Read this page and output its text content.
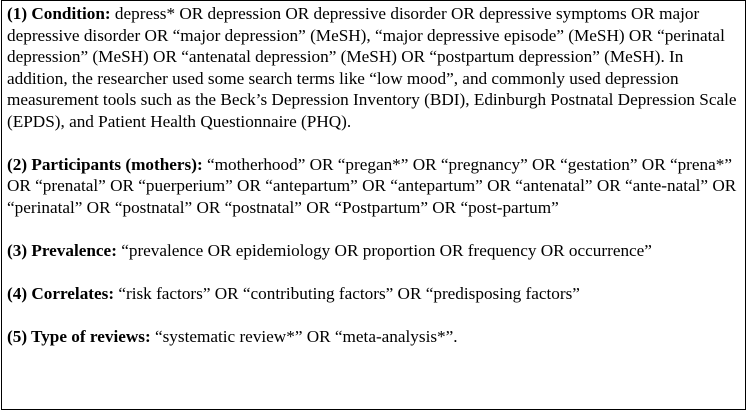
(1) Condition: depress* OR depression OR depressive disorder OR depressive symptoms OR major depressive disorder OR “major depression” (MeSH), “major depressive episode” (MeSH) OR “perinatal depression” (MeSH) OR “antenatal depression” (MeSH) OR “postpartum depression” (MeSH). In addition, the researcher used some search terms like “low mood”, and commonly used depression measurement tools such as the Beck’s Depression Inventory (BDI), Edinburgh Postnatal Depression Scale (EPDS), and Patient Health Questionnaire (PHQ).

(2) Participants (mothers): “motherhood” OR “pregan*” OR “pregnancy” OR “gestation” OR “prena*” OR “prenatal” OR “puerperium” OR “antepartum” OR “antepartum” OR “antenatal” OR “ante-natal” OR “perinatal” OR “postnatal” OR “postnatal” OR “Postpartum” OR “post-partum”

(3) Prevalence: “prevalence OR epidemiology OR proportion OR frequency OR occurrence”

(4) Correlates: “risk factors” OR “contributing factors” OR “predisposing factors”

(5) Type of reviews: “systematic review*” OR “meta-analysis*”.
